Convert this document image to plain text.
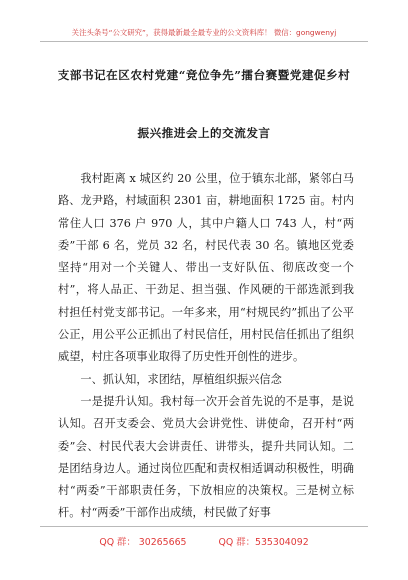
关注头条号“公文研究”，获得最新最全最专业的公文资料库！ 微信：gongwenyj
支部书记在区农村党建“竞位争先”擂台赛暨党建促乡村
振兴推进会上的交流发言

我村距离 x 城区约 20 公里，位于镇东北部，紧邻白马路、龙尹路，村域面积 2301 亩，耕地面积 1725 亩。村内常住人口 376 户 970 人，其中户籍人口 743 人，村“两委”干部 6 名，党员 32 名，村民代表 30 名。镇地区党委坚持“用对一个关键人、带出一支好队伍、彻底改变一个村”，将人品正、干劲足、担当强、作风硬的干部选派到我村担任村党支部书记。一年多来，用“村规民约”抓出了公平公正，用公平公正抓出了村民信任，用村民信任抓出了组织威望，村庄各项事业取得了历史性开创性的进步。

一、抓认知，求团结，厚植组织振兴信念

一是提升认知。我村每一次开会首先说的不是事，是说认知。召开支委会、党员大会讲党性、讲使命，召开村“两委”会、村民代表大会讲责任、讲带头，提升共同认知。二是团结身边人。通过岗位匹配和责权相适调动积极性，明确村“两委”干部职责任务，下放相应的决策权。三是树立标杆。村“两委”干部作出成绩，村民做了好事

QQ 群： 30265665	QQ 群：535304092
